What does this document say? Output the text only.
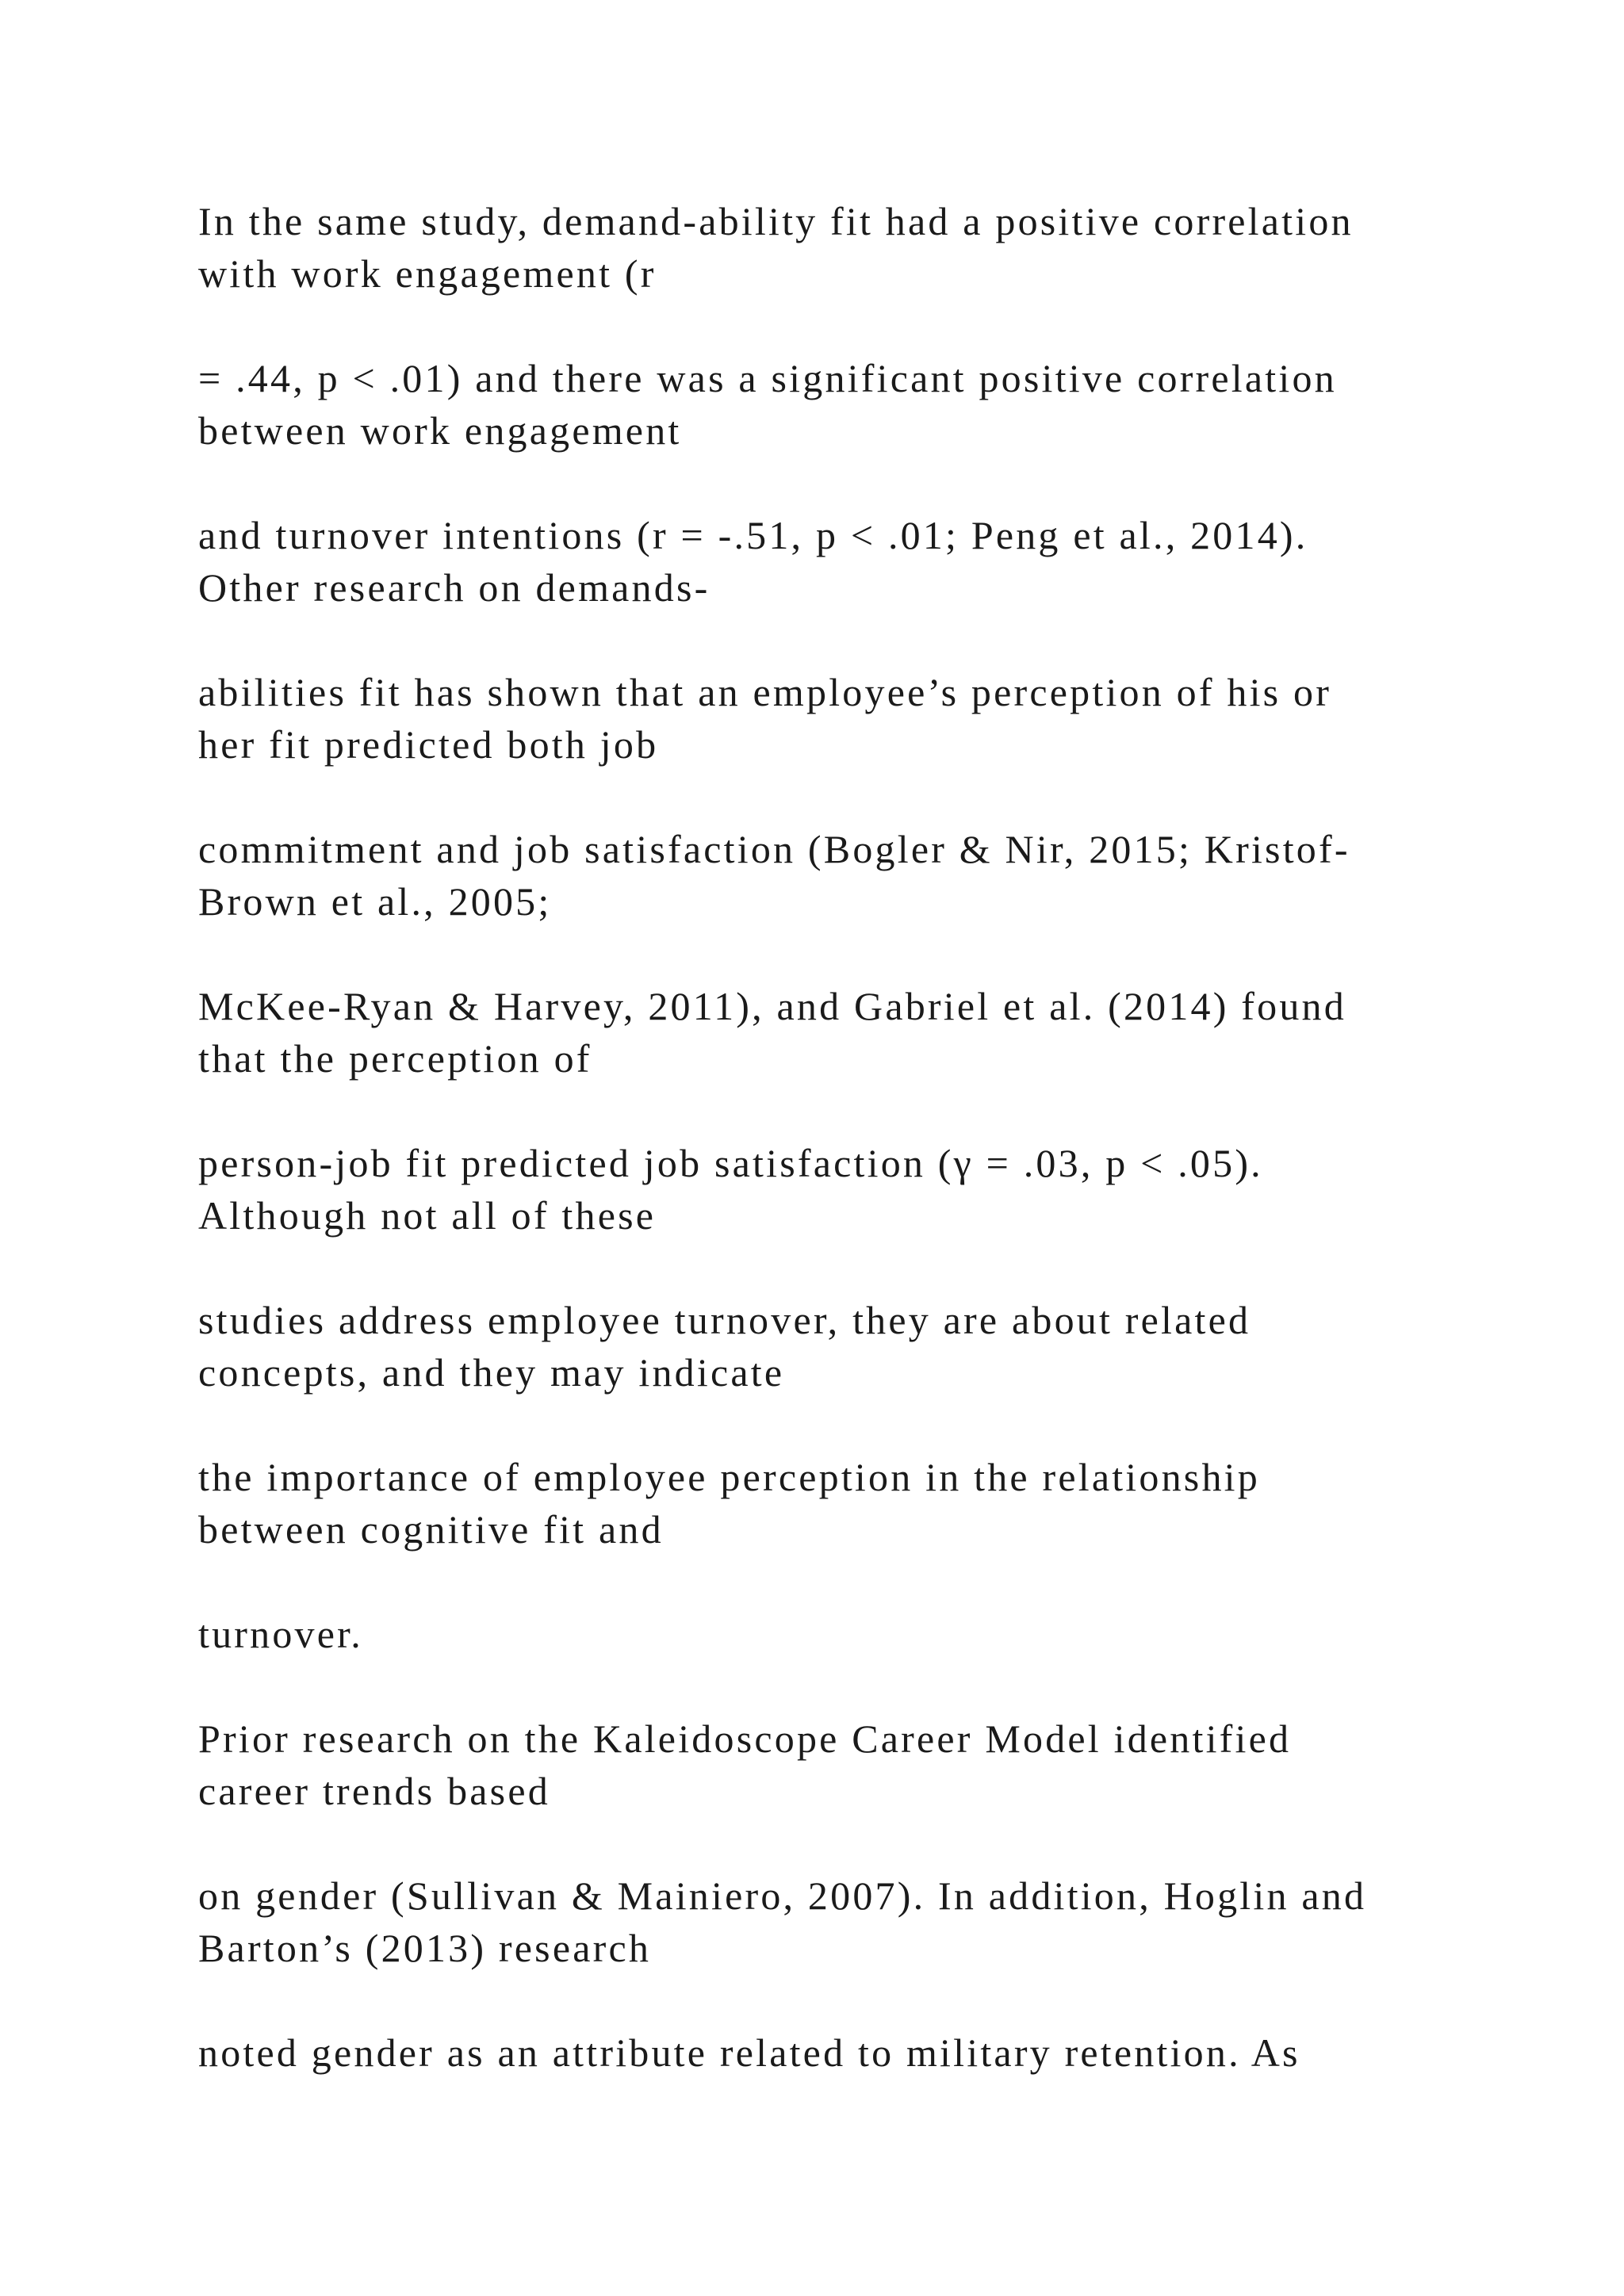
In the same study, demand-ability fit had a positive correlation
with work engagement (r

= .44, p < .01) and there was a significant positive correlation
between work engagement

and turnover intentions (r = -.51, p < .01; Peng et al., 2014).
Other research on demands-

abilities fit has shown that an employee’s perception of his or
her fit predicted both job

commitment and job satisfaction (Bogler & Nir, 2015; Kristof-
Brown et al., 2005;

McKee-Ryan & Harvey, 2011), and Gabriel et al. (2014) found
that the perception of

person-job fit predicted job satisfaction (γ = .03, p < .05).
Although not all of these

studies address employee turnover, they are about related
concepts, and they may indicate

the importance of employee perception in the relationship
between cognitive fit and

turnover.

Prior research on the Kaleidoscope Career Model identified
career trends based

on gender (Sullivan & Mainiero, 2007). In addition, Hoglin and
Barton’s (2013) research

noted gender as an attribute related to military retention. As
